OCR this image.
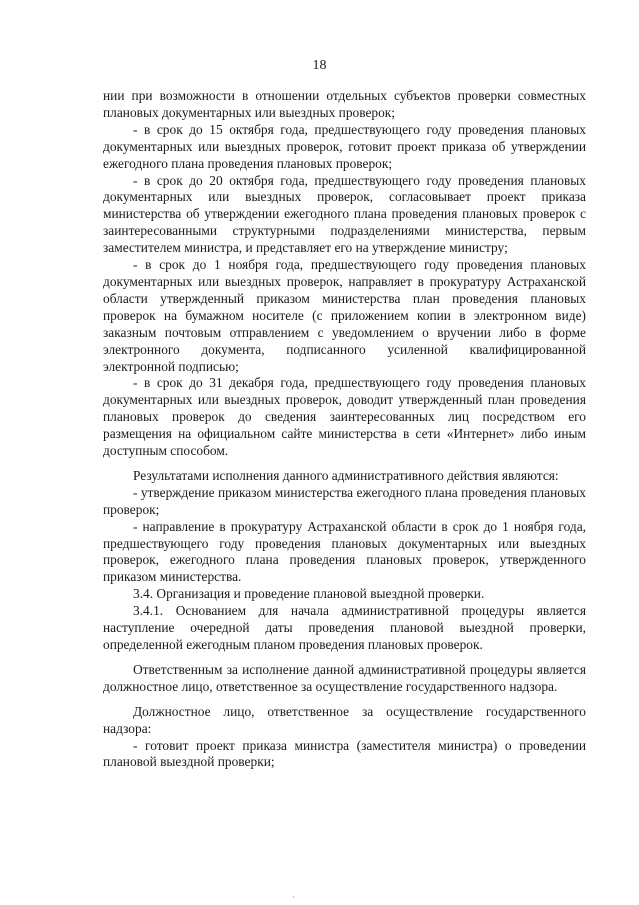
18

нии при возможности в отношении отдельных субъектов проверки совместных плановых документарных или выездных проверок;

- в срок до 15 октября года, предшествующего году проведения плановых документарных или выездных проверок, готовит проект приказа об утверждении ежегодного плана проведения плановых проверок;

- в срок до 20 октября года, предшествующего году проведения плановых документарных или выездных проверок, согласовывает проект приказа министерства об утверждении ежегодного плана проведения плановых проверок с заинтересованными структурными подразделениями министерства, первым заместителем министра, и представляет его на утверждение министру;

- в срок до 1 ноября года, предшествующего году проведения плановых документарных или выездных проверок, направляет в прокуратуру Астраханской области утвержденный приказом министерства план проведения плановых проверок на бумажном носителе (с приложением копии в электронном виде) заказным почтовым отправлением с уведомлением о вручении либо в форме электронного документа, подписанного усиленной квалифицированной электронной подписью;

- в срок до 31 декабря года, предшествующего году проведения плановых документарных или выездных проверок, доводит утвержденный план проведения плановых проверок до сведения заинтересованных лиц посредством его размещения на официальном сайте министерства в сети «Интернет» либо иным доступным способом.

Результатами исполнения данного административного действия являются:

- утверждение приказом министерства ежегодного плана проведения плановых проверок;

- направление в прокуратуру Астраханской области в срок до 1 ноября года, предшествующего году проведения плановых документарных или выездных проверок, ежегодного плана проведения плановых проверок, утвержденного приказом министерства.

3.4. Организация и проведение плановой выездной проверки.

3.4.1. Основанием для начала административной процедуры является наступление очередной даты проведения плановой выездной проверки, определенной ежегодным планом проведения плановых проверок.

Ответственным за исполнение данной административной процедуры является должностное лицо, ответственное за осуществление государственного надзора.

Должностное лицо, ответственное за осуществление государственного надзора:

- готовит проект приказа министра (заместителя министра) о проведении плановой выездной проверки;

·
